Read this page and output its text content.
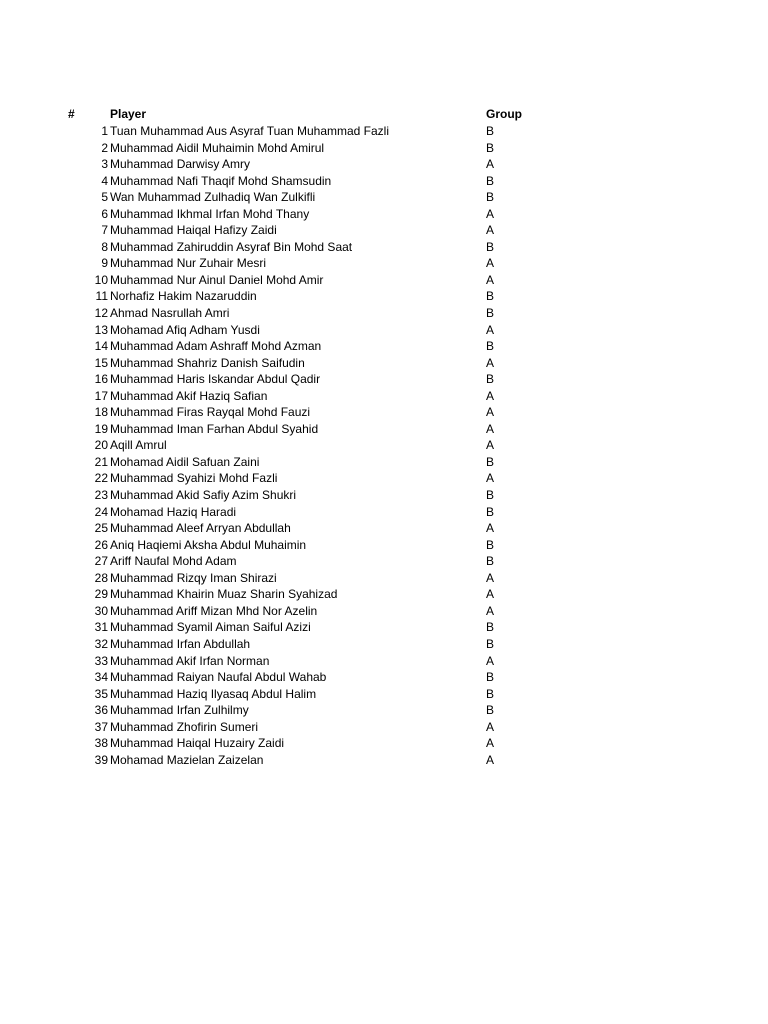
#	Player	Group
1 Tuan Muhammad Aus Asyraf Tuan Muhammad Fazli	B
2 Muhammad Aidil Muhaimin Mohd Amirul	B
3 Muhammad Darwisy Amry	A
4 Muhammad Nafi Thaqif Mohd Shamsudin	B
5 Wan Muhammad Zulhadiq Wan Zulkifli	B
6 Muhammad Ikhmal Irfan Mohd Thany	A
7 Muhammad Haiqal Hafizy Zaidi	A
8 Muhammad Zahiruddin Asyraf Bin Mohd Saat	B
9 Muhammad Nur Zuhair Mesri	A
10 Muhammad Nur Ainul Daniel Mohd Amir	A
11 Norhafiz Hakim Nazaruddin	B
12 Ahmad Nasrullah Amri	B
13 Mohamad Afiq Adham Yusdi	A
14 Muhammad Adam Ashraff Mohd Azman	B
15 Muhammad Shahriz Danish Saifudin	A
16 Muhammad Haris Iskandar Abdul Qadir	B
17 Muhammad Akif Haziq Safian	A
18 Muhammad Firas Rayqal Mohd Fauzi	A
19 Muhammad Iman Farhan Abdul Syahid	A
20 Aqill Amrul	A
21 Mohamad Aidil Safuan Zaini	B
22 Muhammad Syahizi Mohd Fazli	A
23 Muhammad Akid Safiy Azim Shukri	B
24 Mohamad Haziq Haradi	B
25 Muhammad Aleef Arryan Abdullah	A
26 Aniq Haqiemi Aksha Abdul Muhaimin	B
27 Ariff Naufal Mohd Adam	B
28 Muhammad Rizqy Iman Shirazi	A
29 Muhammad Khairin Muaz Sharin Syahizad	A
30 Muhammad Ariff Mizan Mhd Nor Azelin	A
31 Muhammad Syamil Aiman Saiful Azizi	B
32 Muhammad Irfan Abdullah	B
33 Muhammad Akif Irfan Norman	A
34 Muhammad Raiyan Naufal Abdul Wahab	B
35 Muhammad Haziq Ilyasaq Abdul Halim	B
36 Muhammad Irfan Zulhilmy	B
37 Muhammad Zhofirin Sumeri	A
38 Muhammad Haiqal Huzairy Zaidi	A
39 Mohamad Mazielan Zaizelan	A
